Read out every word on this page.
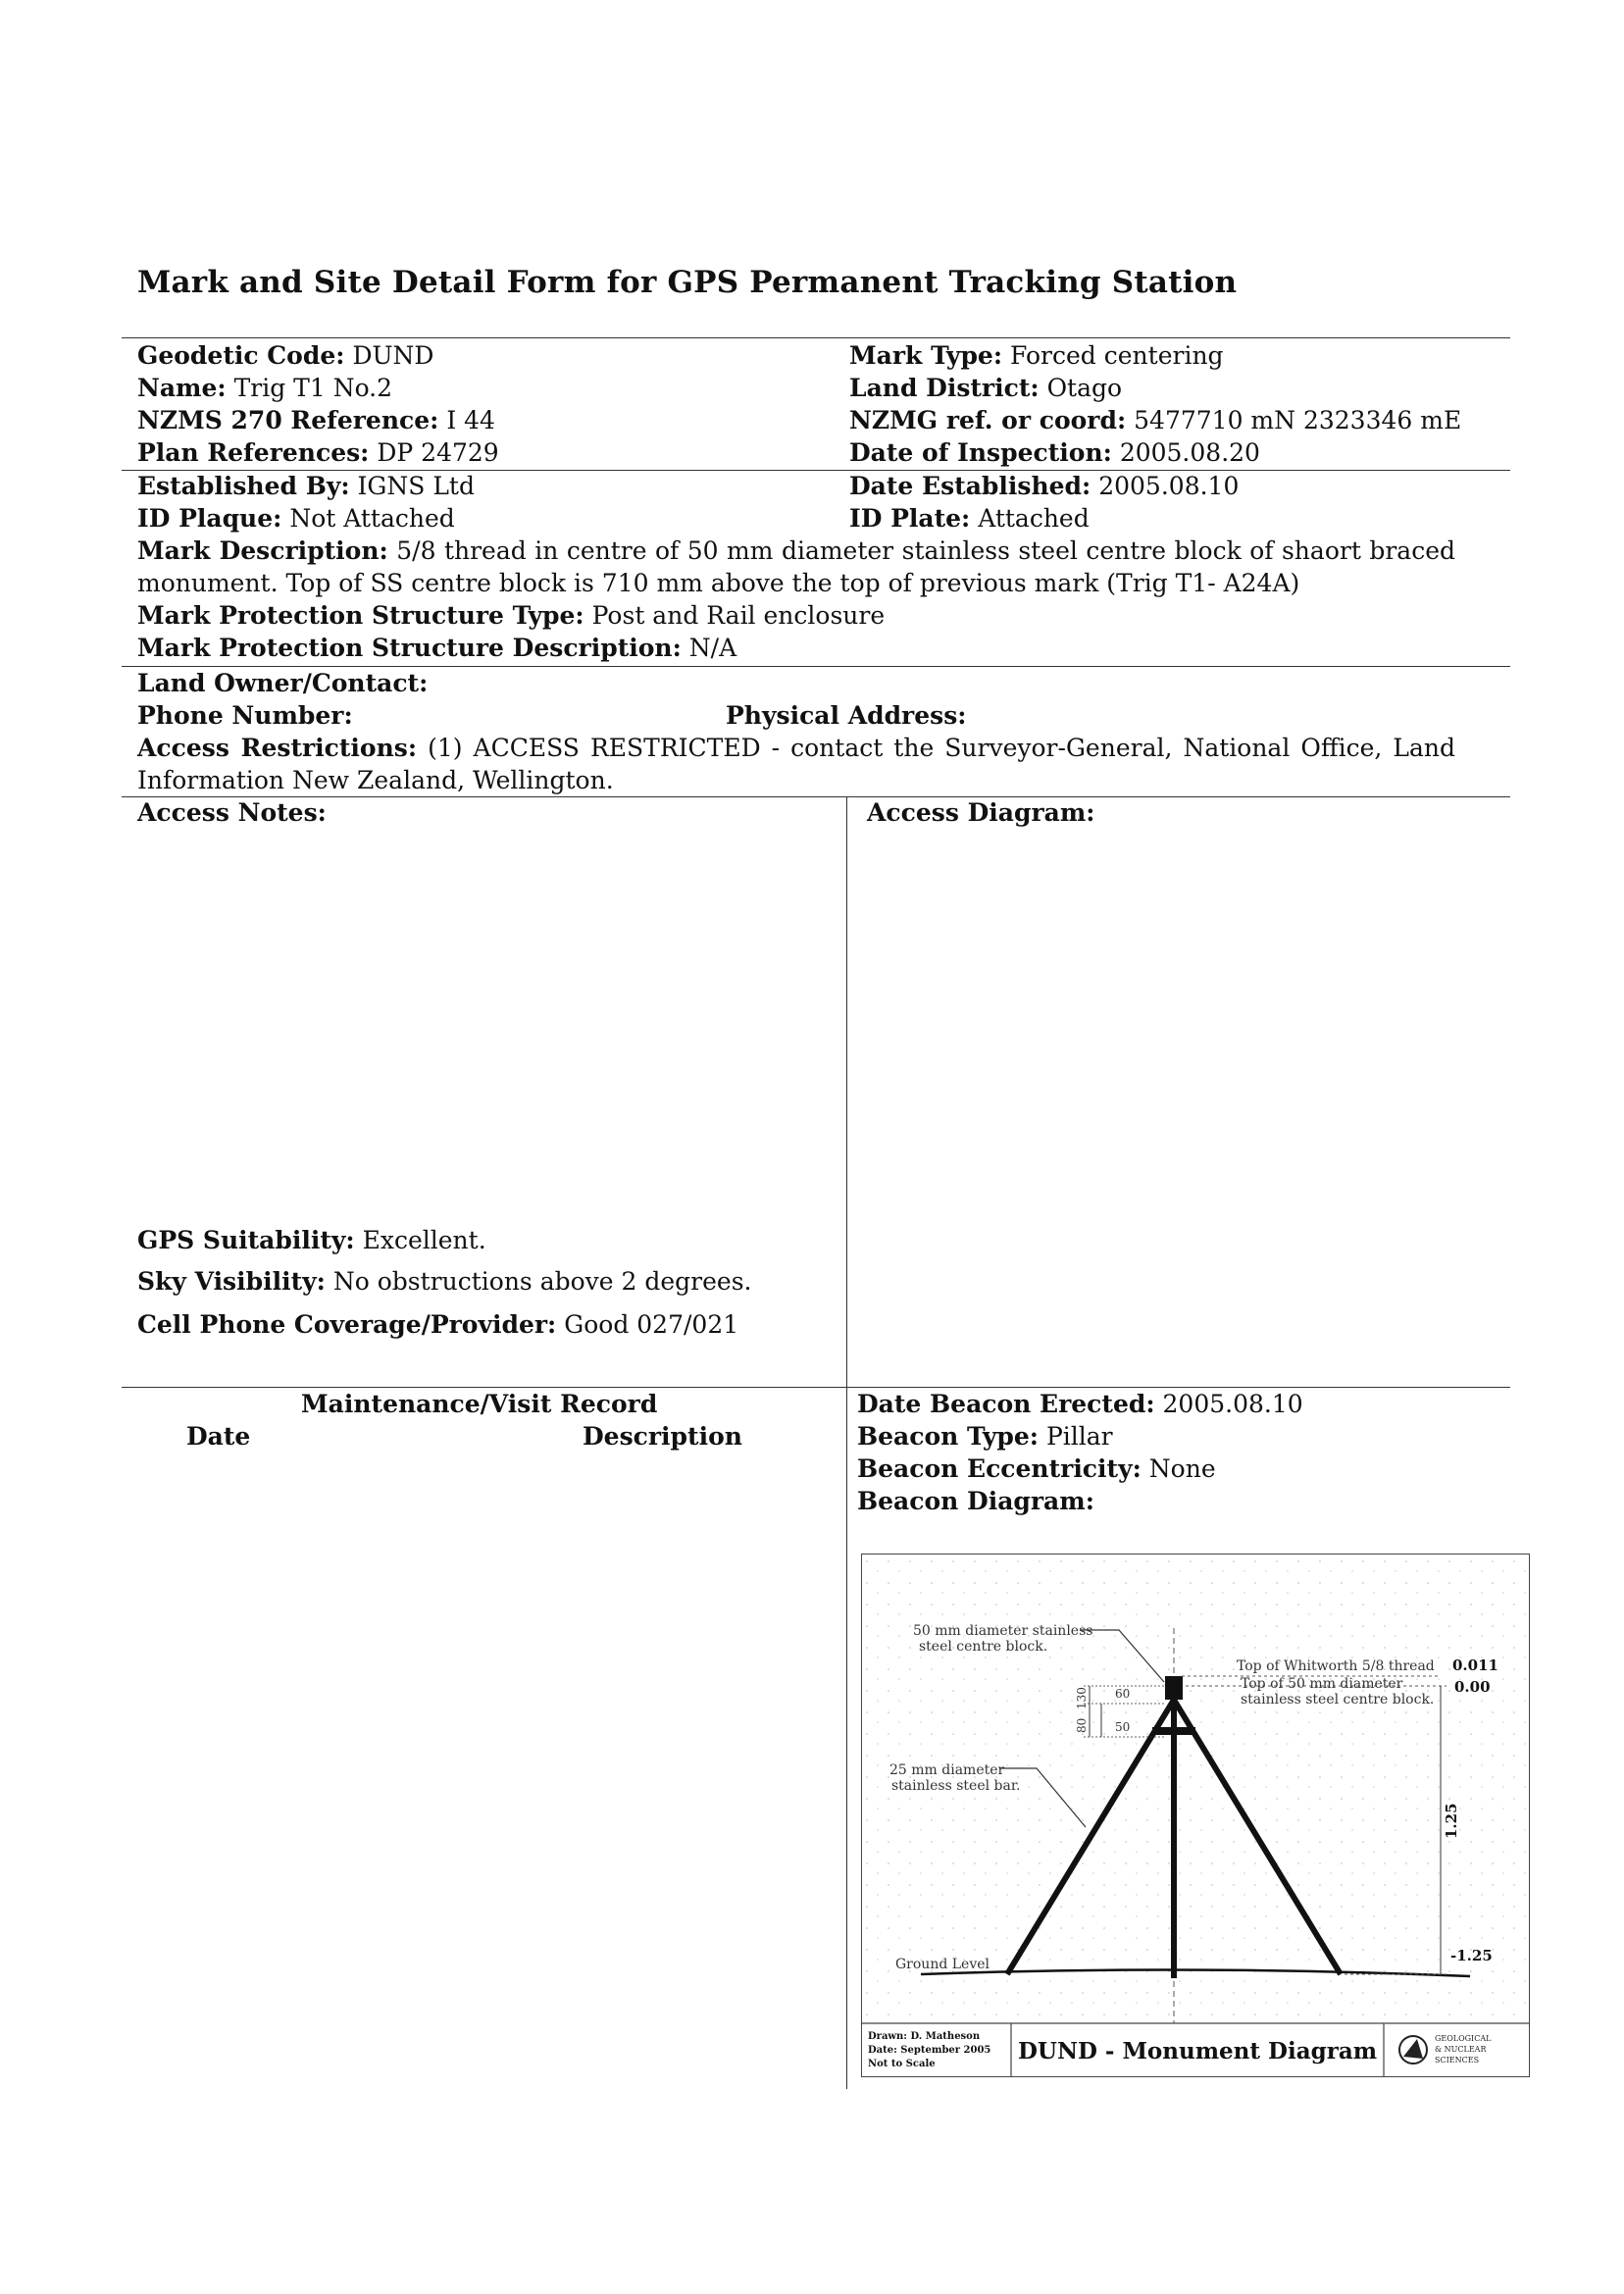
Mark and Site Detail Form for GPS Permanent Tracking Station
Geodetic Code: DUND	Mark Type: Forced centering
Name: Trig T1 No.2	Land District: Otago
NZMS 270 Reference: I 44	NZMG ref. or coord: 5477710 mN 2323346 mE
Plan References: DP 24729	Date of Inspection: 2005.08.20
Established By: IGNS Ltd	Date Established: 2005.08.10
ID Plaque: Not Attached	ID Plate: Attached
Mark Description: 5/8 thread in centre of 50 mm diameter stainless steel centre block of shaort braced monument. Top of SS centre block is 710 mm above the top of previous mark (Trig T1- A24A)
Mark Protection Structure Type: Post and Rail enclosure
Mark Protection Structure Description: N/A
Land Owner/Contact:
Phone Number:	Physical Address:
Access Restrictions: (1) ACCESS RESTRICTED - contact the Surveyor-General, National Office, Land Information New Zealand, Wellington.
Access Notes:	Access Diagram:
GPS Suitability: Excellent.
Sky Visibility: No obstructions above 2 degrees.
Cell Phone Coverage/Provider: Good 027/021
Maintenance/Visit Record
Date	Description
Date Beacon Erected: 2005.08.10
Beacon Type: Pillar
Beacon Eccentricity: None
Beacon Diagram:
50 mm diameter stainless
steel centre block.
Top of Whitworth 5/8 thread 0.011
Top of 50 mm diameter
stainless steel centre block.
0.00
60
50
80
130
25 mm diameter
stainless steel bar.
1.25
Ground Level	-1.25
Drawn: D. Matheson
Date: September 2005
Not to Scale	DUND - Monument Diagram	GEOLOGICAL
& NUCLEAR
SCIENCES
